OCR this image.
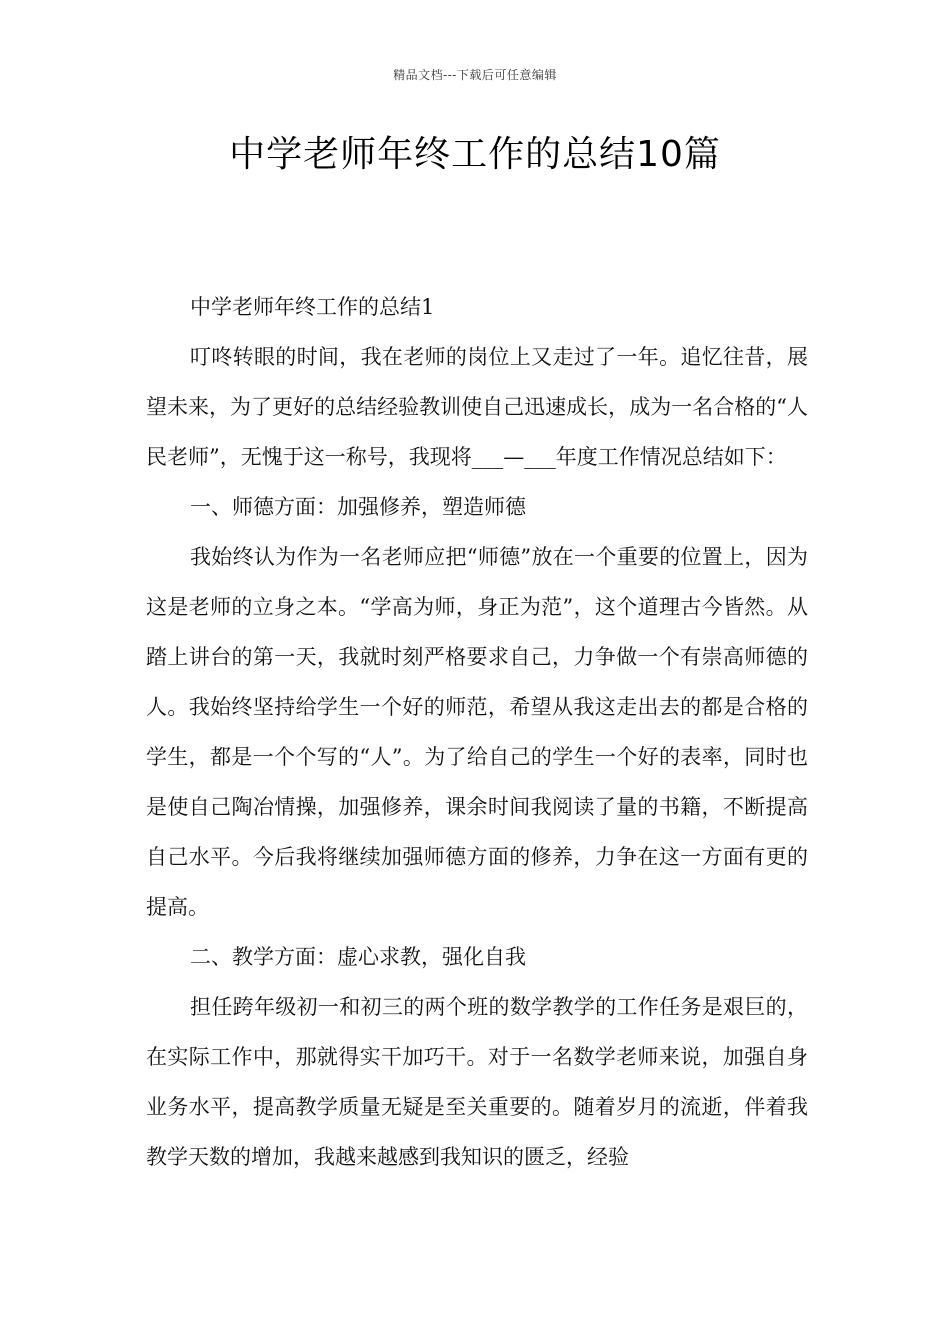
精品文档---下载后可任意编辑
中学老师年终工作的总结10篇

中学老师年终工作的总结1

叮咚转眼的时间，我在老师的岗位上又走过了一年。追忆往昔，展望未来，为了更好的总结经验教训使自己迅速成长，成为一名合格的“人民老师”，无愧于这一称号，我现将___—___年度工作情况总结如下：

一、师德方面：加强修养，塑造师德

我始终认为作为一名老师应把“师德”放在一个重要的位置上，因为这是老师的立身之本。“学高为师，身正为范”，这个道理古今皆然。从踏上讲台的第一天，我就时刻严格要求自己，力争做一个有崇高师德的人。我始终坚持给学生一个好的师范，希望从我这走出去的都是合格的学生，都是一个个写的“人”。为了给自己的学生一个好的表率，同时也是使自己陶冶情操，加强修养，课余时间我阅读了量的书籍，不断提高自己水平。今后我将继续加强师德方面的修养，力争在这一方面有更的提高。

二、教学方面：虚心求教，强化自我

担任跨年级初一和初三的两个班的数学教学的工作任务是艰巨的，在实际工作中，那就得实干加巧干。对于一名数学老师来说，加强自身业务水平，提高教学质量无疑是至关重要的。随着岁月的流逝，伴着我教学天数的增加，我越来越感到我知识的匮乏，经验
